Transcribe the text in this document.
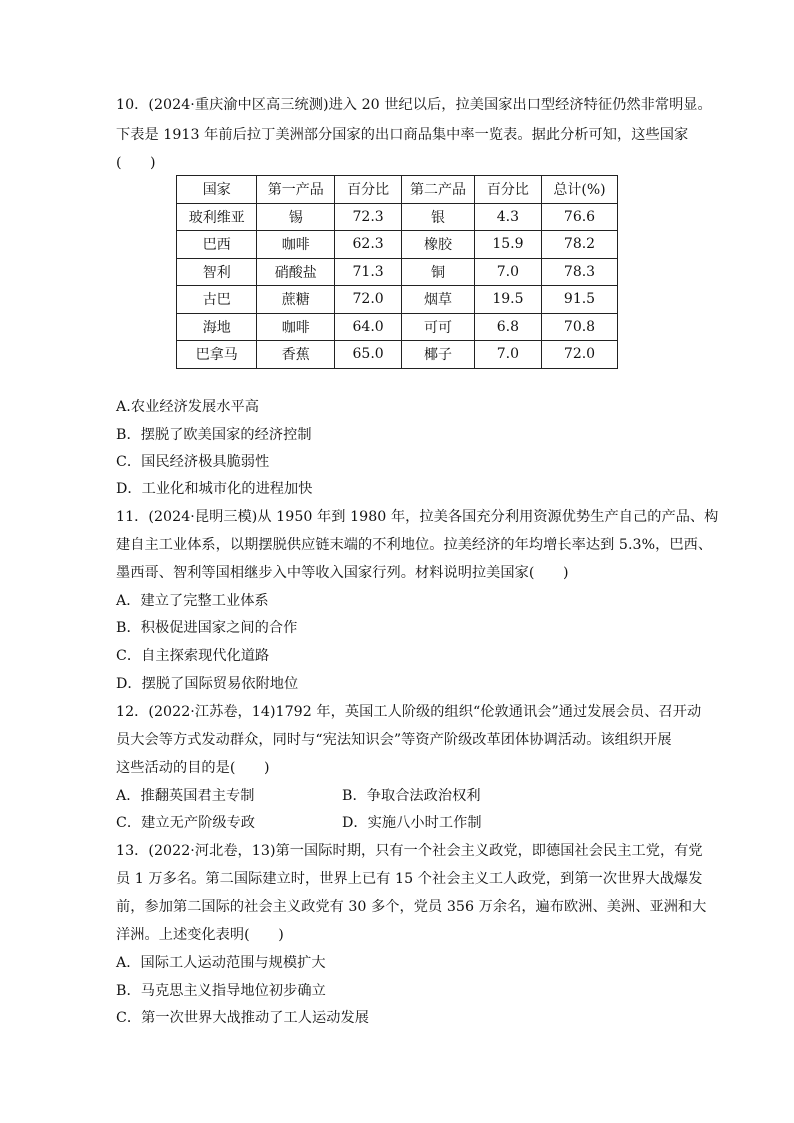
10．(2024·重庆渝中区高三统测)进入 20 世纪以后，拉美国家出口型经济特征仍然非常明显。
下表是 1913 年前后拉丁美洲部分国家的出口商品集中率一览表。据此分析可知，这些国家
(　　)
国家	第一产品	百分比	第二产品	百分比	总计(%)
玻利维亚	锡	72.3	银	4.3	76.6
巴西	咖啡	62.3	橡胶	15.9	78.2
智利	硝酸盐	71.3	铜	7.0	78.3
古巴	蔗糖	72.0	烟草	19.5	91.5
海地	咖啡	64.0	可可	6.8	70.8
巴拿马	香蕉	65.0	椰子	7.0	72.0
A.农业经济发展水平高
B．摆脱了欧美国家的经济控制
C．国民经济极具脆弱性
D．工业化和城市化的进程加快
11．(2024·昆明三模)从 1950 年到 1980 年，拉美各国充分利用资源优势生产自己的产品、构
建自主工业体系，以期摆脱供应链末端的不利地位。拉美经济的年均增长率达到 5.3%，巴西、
墨西哥、智利等国相继步入中等收入国家行列。材料说明拉美国家(　　)
A．建立了完整工业体系
B．积极促进国家之间的合作
C．自主探索现代化道路
D．摆脱了国际贸易依附地位
12．(2022·江苏卷，14)1792 年，英国工人阶级的组织“伦敦通讯会”通过发展会员、召开动
员大会等方式发动群众，同时与“宪法知识会”等资产阶级改革团体协调活动。该组织开展
这些活动的目的是(　　)
A．推翻英国君主专制	B．争取合法政治权利
C．建立无产阶级专政	D．实施八小时工作制
13．(2022·河北卷，13)第一国际时期，只有一个社会主义政党，即德国社会民主工党，有党
员 1 万多名。第二国际建立时，世界上已有 15 个社会主义工人政党，到第一次世界大战爆发
前，参加第二国际的社会主义政党有 30 多个，党员 356 万余名，遍布欧洲、美洲、亚洲和大
洋洲。上述变化表明(　　)
A．国际工人运动范围与规模扩大
B．马克思主义指导地位初步确立
C．第一次世界大战推动了工人运动发展
